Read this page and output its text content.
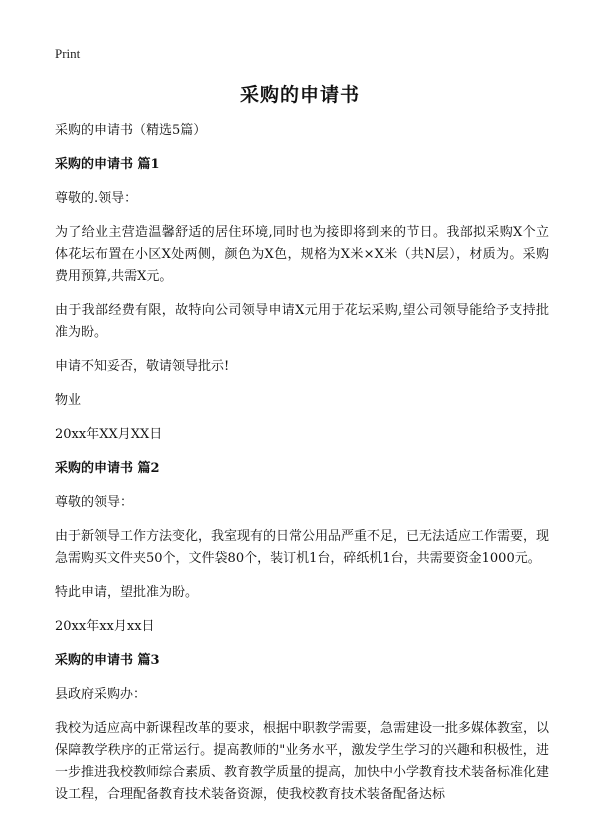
Print
采购的申请书

采购的申请书（精选5篇）

采购的申请书 篇1

尊敬的.领导：

为了给业主营造温馨舒适的居住环境,同时也为接即将到来的节日。我部拟采购X个立体花坛布置在小区X处两侧，颜色为X色，规格为X米×X米（共N层），材质为。采购费用预算,共需X元。

由于我部经费有限，故特向公司领导申请X元用于花坛采购,望公司领导能给予支持批准为盼。

申请不知妥否，敬请领导批示!

物业

20xx年XX月XX日

采购的申请书 篇2

尊敬的领导：

由于新领导工作方法变化，我室现有的日常公用品严重不足，已无法适应工作需要，现急需购买文件夹50个，文件袋80个，装订机1台，碎纸机1台，共需要资金1000元。

特此申请，望批准为盼。

20xx年xx月xx日

采购的申请书 篇3

县政府采购办：

我校为适应高中新课程改革的要求，根据中职教学需要，急需建设一批多媒体教室，以保障教学秩序的正常运行。提高教师的"业务水平，激发学生学习的兴趣和积极性，进一步推进我校教师综合素质、教育教学质量的提高，加快中小学教育技术装备标准化建设工程，合理配备教育技术装备资源，使我校教育技术装备配备达标
